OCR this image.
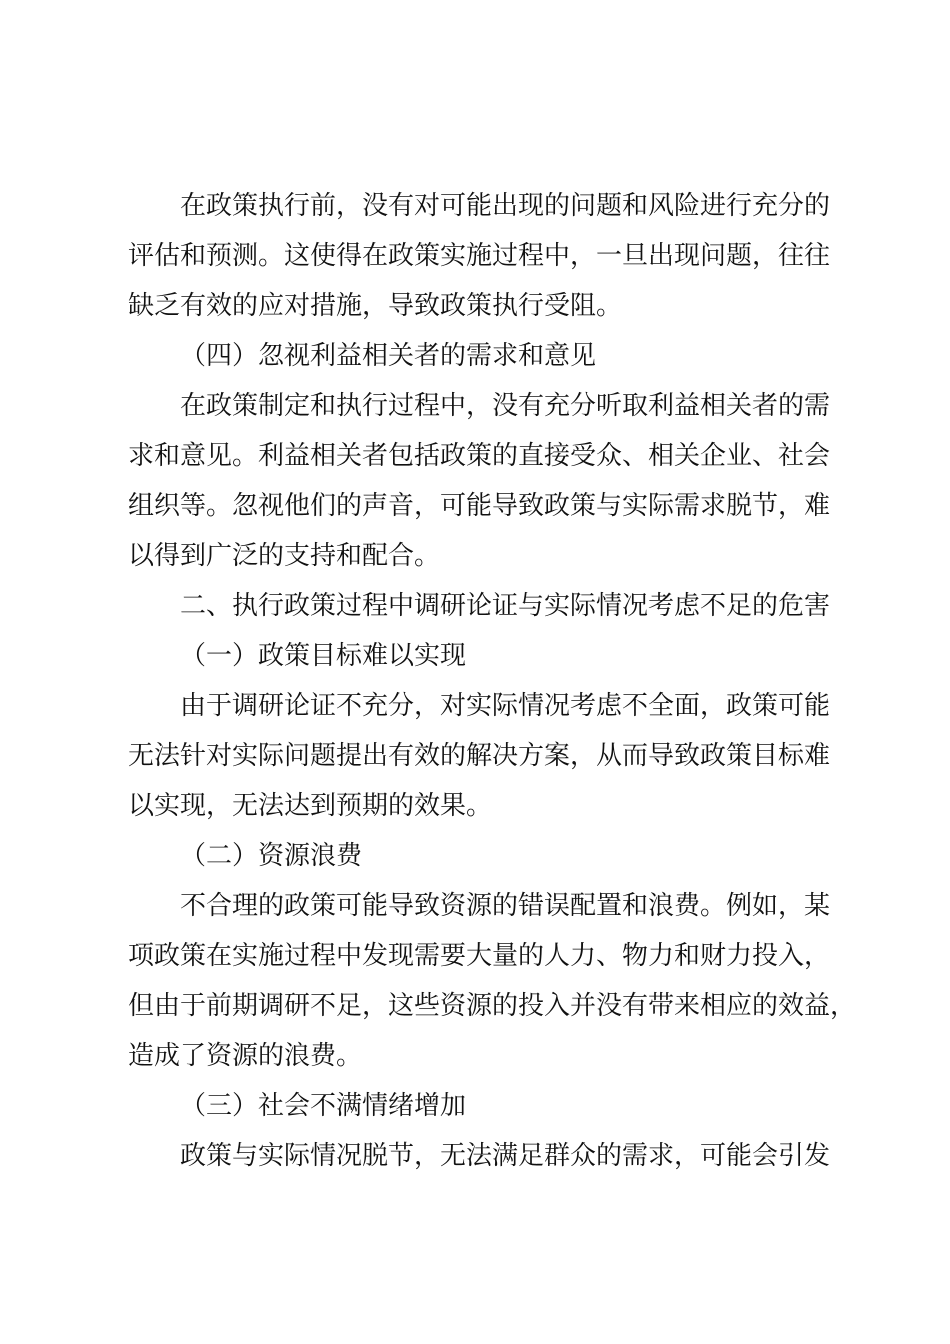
在政策执行前，没有对可能出现的问题和风险进行充分的
评估和预测。这使得在政策实施过程中，一旦出现问题，往往
缺乏有效的应对措施，导致政策执行受阻。
（四）忽视利益相关者的需求和意见
在政策制定和执行过程中，没有充分听取利益相关者的需
求和意见。利益相关者包括政策的直接受众、相关企业、社会
组织等。忽视他们的声音，可能导致政策与实际需求脱节，难
以得到广泛的支持和配合。
二、执行政策过程中调研论证与实际情况考虑不足的危害
（一）政策目标难以实现
由于调研论证不充分，对实际情况考虑不全面，政策可能
无法针对实际问题提出有效的解决方案，从而导致政策目标难
以实现，无法达到预期的效果。
（二）资源浪费
不合理的政策可能导致资源的错误配置和浪费。例如，某
项政策在实施过程中发现需要大量的人力、物力和财力投入，
但由于前期调研不足，这些资源的投入并没有带来相应的效益，
造成了资源的浪费。
（三）社会不满情绪增加
政策与实际情况脱节，无法满足群众的需求，可能会引发
